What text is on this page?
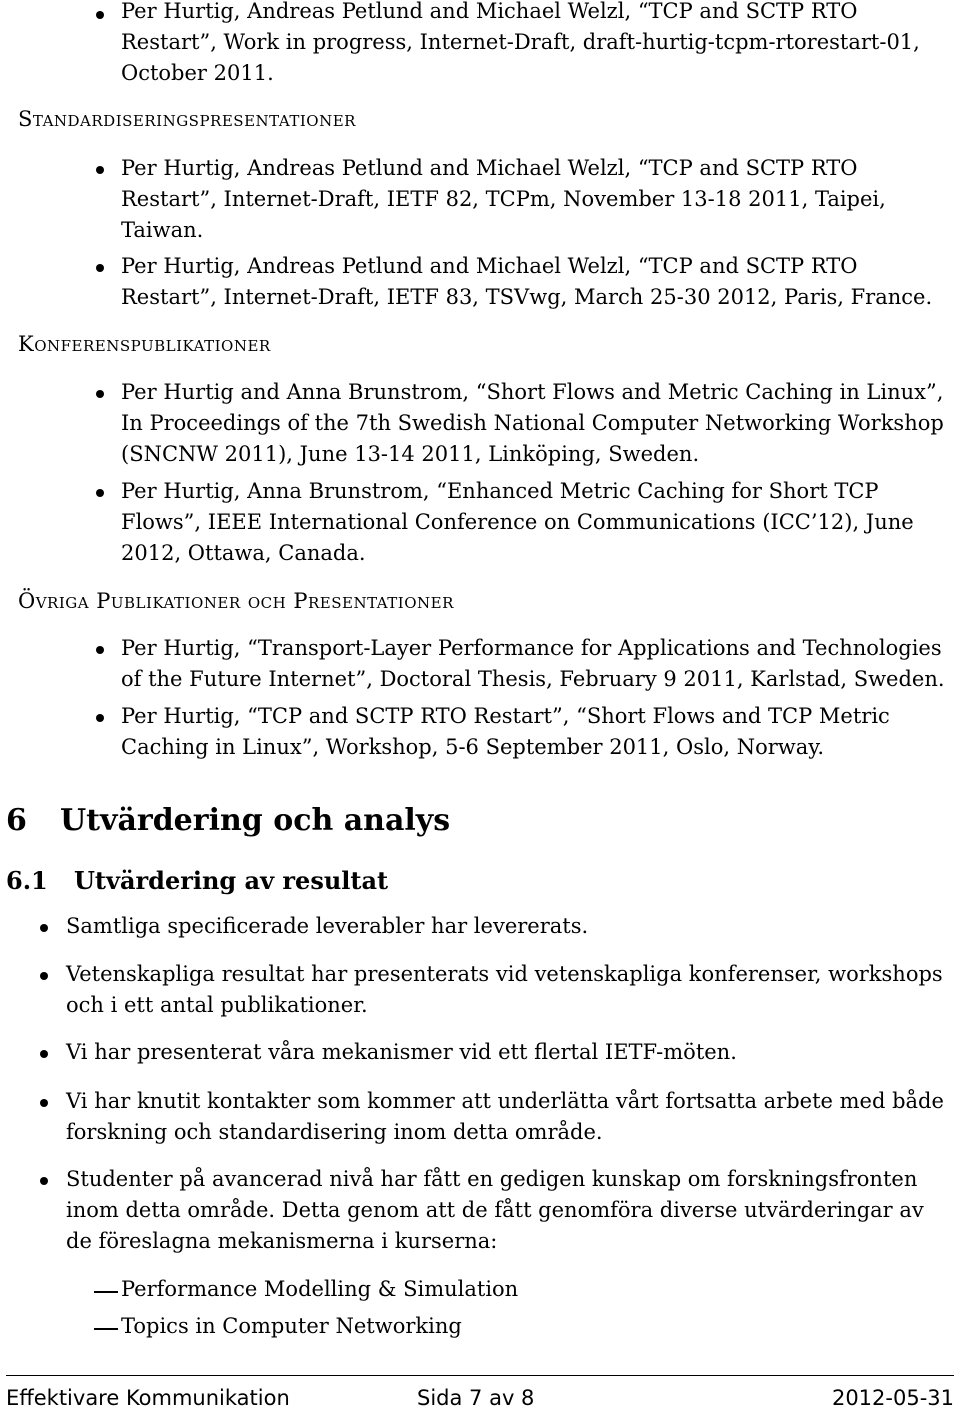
Per Hurtig, Andreas Petlund and Michael Welzl, “TCP and SCTP RTO
Restart”, Work in progress, Internet-Draft, draft-hurtig-tcpm-rtorestart-01,
October 2011.
Standardiseringspresentationer
Per Hurtig, Andreas Petlund and Michael Welzl, “TCP and SCTP RTO
Restart”, Internet-Draft, IETF 82, TCPm, November 13-18 2011, Taipei,
Taiwan.
Per Hurtig, Andreas Petlund and Michael Welzl, “TCP and SCTP RTO
Restart”, Internet-Draft, IETF 83, TSVwg, March 25-30 2012, Paris, France.
Konferenspublikationer
Per Hurtig and Anna Brunstrom, “Short Flows and Metric Caching in Linux”,
In Proceedings of the 7th Swedish National Computer Networking Workshop
(SNCNW 2011), June 13-14 2011, Linköping, Sweden.
Per Hurtig, Anna Brunstrom, “Enhanced Metric Caching for Short TCP
Flows”, IEEE International Conference on Communications (ICC’12), June
2012, Ottawa, Canada.
Övriga Publikationer och Presentationer
Per Hurtig, “Transport-Layer Performance for Applications and Technologies
of the Future Internet”, Doctoral Thesis, February 9 2011, Karlstad, Sweden.
Per Hurtig, “TCP and SCTP RTO Restart”, “Short Flows and TCP Metric
Caching in Linux”, Workshop, 5-6 September 2011, Oslo, Norway.
6 Utvärdering och analys
6.1 Utvärdering av resultat
Samtliga specificerade leverabler har levererats.
Vetenskapliga resultat har presenterats vid vetenskapliga konferenser, workshops
och i ett antal publikationer.
Vi har presenterat våra mekanismer vid ett flertal IETF-möten.
Vi har knutit kontakter som kommer att underlätta vårt fortsatta arbete med både
forskning och standardisering inom detta område.
Studenter på avancerad nivå har fått en gedigen kunskap om forskningsfronten
inom detta område. Detta genom att de fått genomföra diverse utvärderingar av
de föreslagna mekanismerna i kurserna:
Performance Modelling & Simulation
Topics in Computer Networking
Effektivare Kommunikation	Sida 7 av 8	2012-05-31
